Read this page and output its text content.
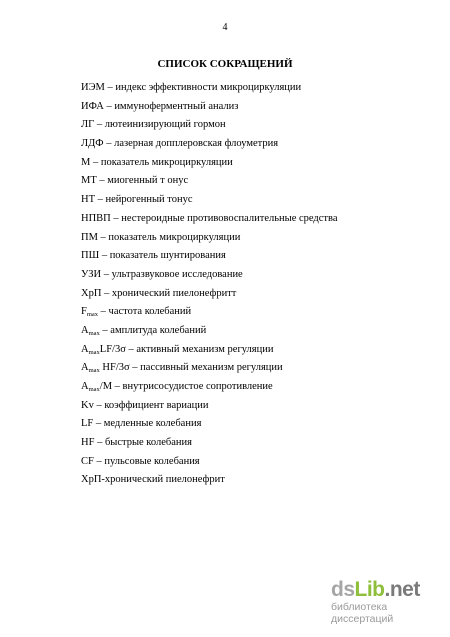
4
СПИСОК СОКРАЩЕНИЙ
ИЭМ – индекс эффективности микроциркуляции
ИФА – иммуноферментный анализ
ЛГ – лютеинизирующий гормон
ЛДФ – лазерная допплеровская флоуметрия
М – показатель микроциркуляции
МТ – миогенный т онус
НТ – нейрогенный тонус
НПВП – нестероидные противовоспалительные средства
ПМ – показатель микроциркуляции
ПШ – показатель шунтирования
УЗИ – ультразвуковое исследование
ХрП – хронический пиелонефритт
Fmax – частота колебаний
Amax – амплитуда колебаний
AmaxLF/3σ – активный механизм регуляции
Amax HF/3σ – пассивный механизм регуляции
Amax/М – внутрисосудистое сопротивление
Kv – коэффициент вариации
LF – медленные колебания
HF – быстрые колебания
CF – пульсовые колебания
ХрП-хронический пиелонефрит
dsLib.net
библиотека диссертаций
